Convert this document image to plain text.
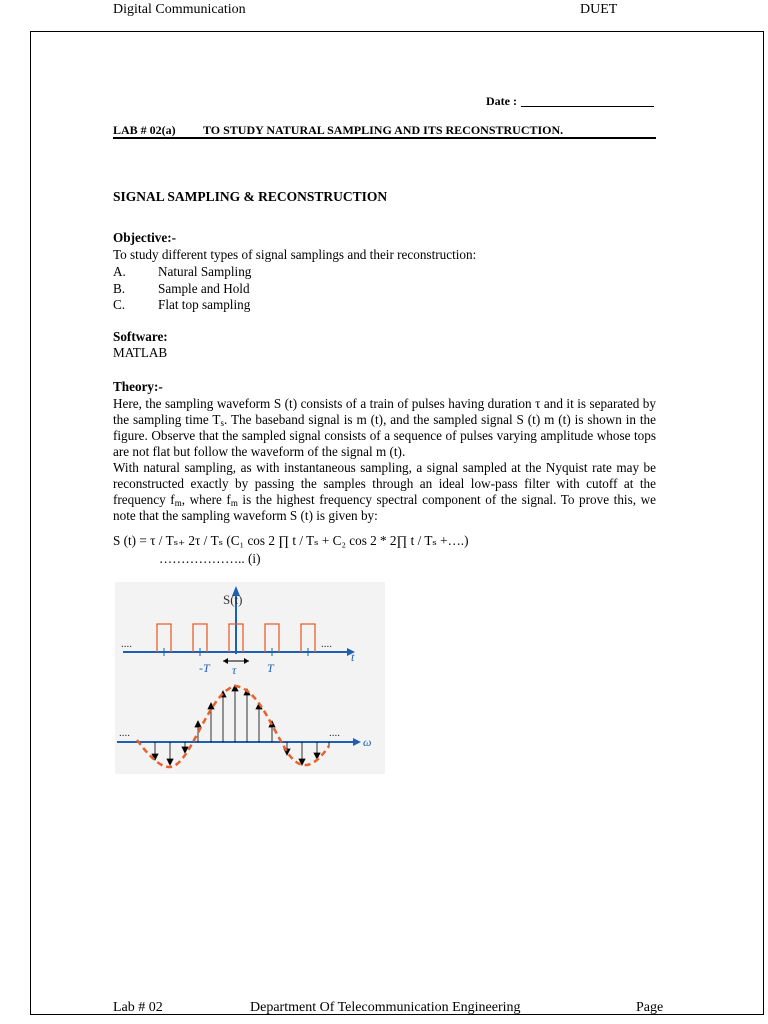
Digital Communication	DUET
Date :
LAB # 02(a) TO STUDY NATURAL SAMPLING AND ITS RECONSTRUCTION.
SIGNAL SAMPLING & RECONSTRUCTION
Objective:-
To study different types of signal samplings and their reconstruction:
A. Natural Sampling
B. Sample and Hold
C. Flat top sampling
Software:
MATLAB
Theory:-

Here, the sampling waveform S (t) consists of a train of pulses having duration τ and it is separated by the sampling time $T_s$. The baseband signal is m (t), and the sampled signal S (t) m (t) is shown in the figure. Observe that the sampled signal consists of a sequence of pulses varying amplitude whose tops are not flat but follow the waveform of the signal m (t).

With natural sampling, as with instantaneous sampling, a signal sampled at the Nyquist rate may be reconstructed exactly by passing the samples through an ideal low-pass filter with cutoff at the frequency $f_m$, where $f_m$ is the highest frequency spectral component of the signal. To prove this, we note that the sampling waveform S (t) is given by:

S (t) = τ / Tₛ₊ 2τ / Tₛ (C₁ cos 2 ∏ t / Tₛ + C₂ cos 2 * 2∏ t / Tₛ +….)
……………….. (i)
S(t)
t
-T τ	T
....	....
ω
....	....
Lab # 02	Department Of Telecommunication Engineering	Page
